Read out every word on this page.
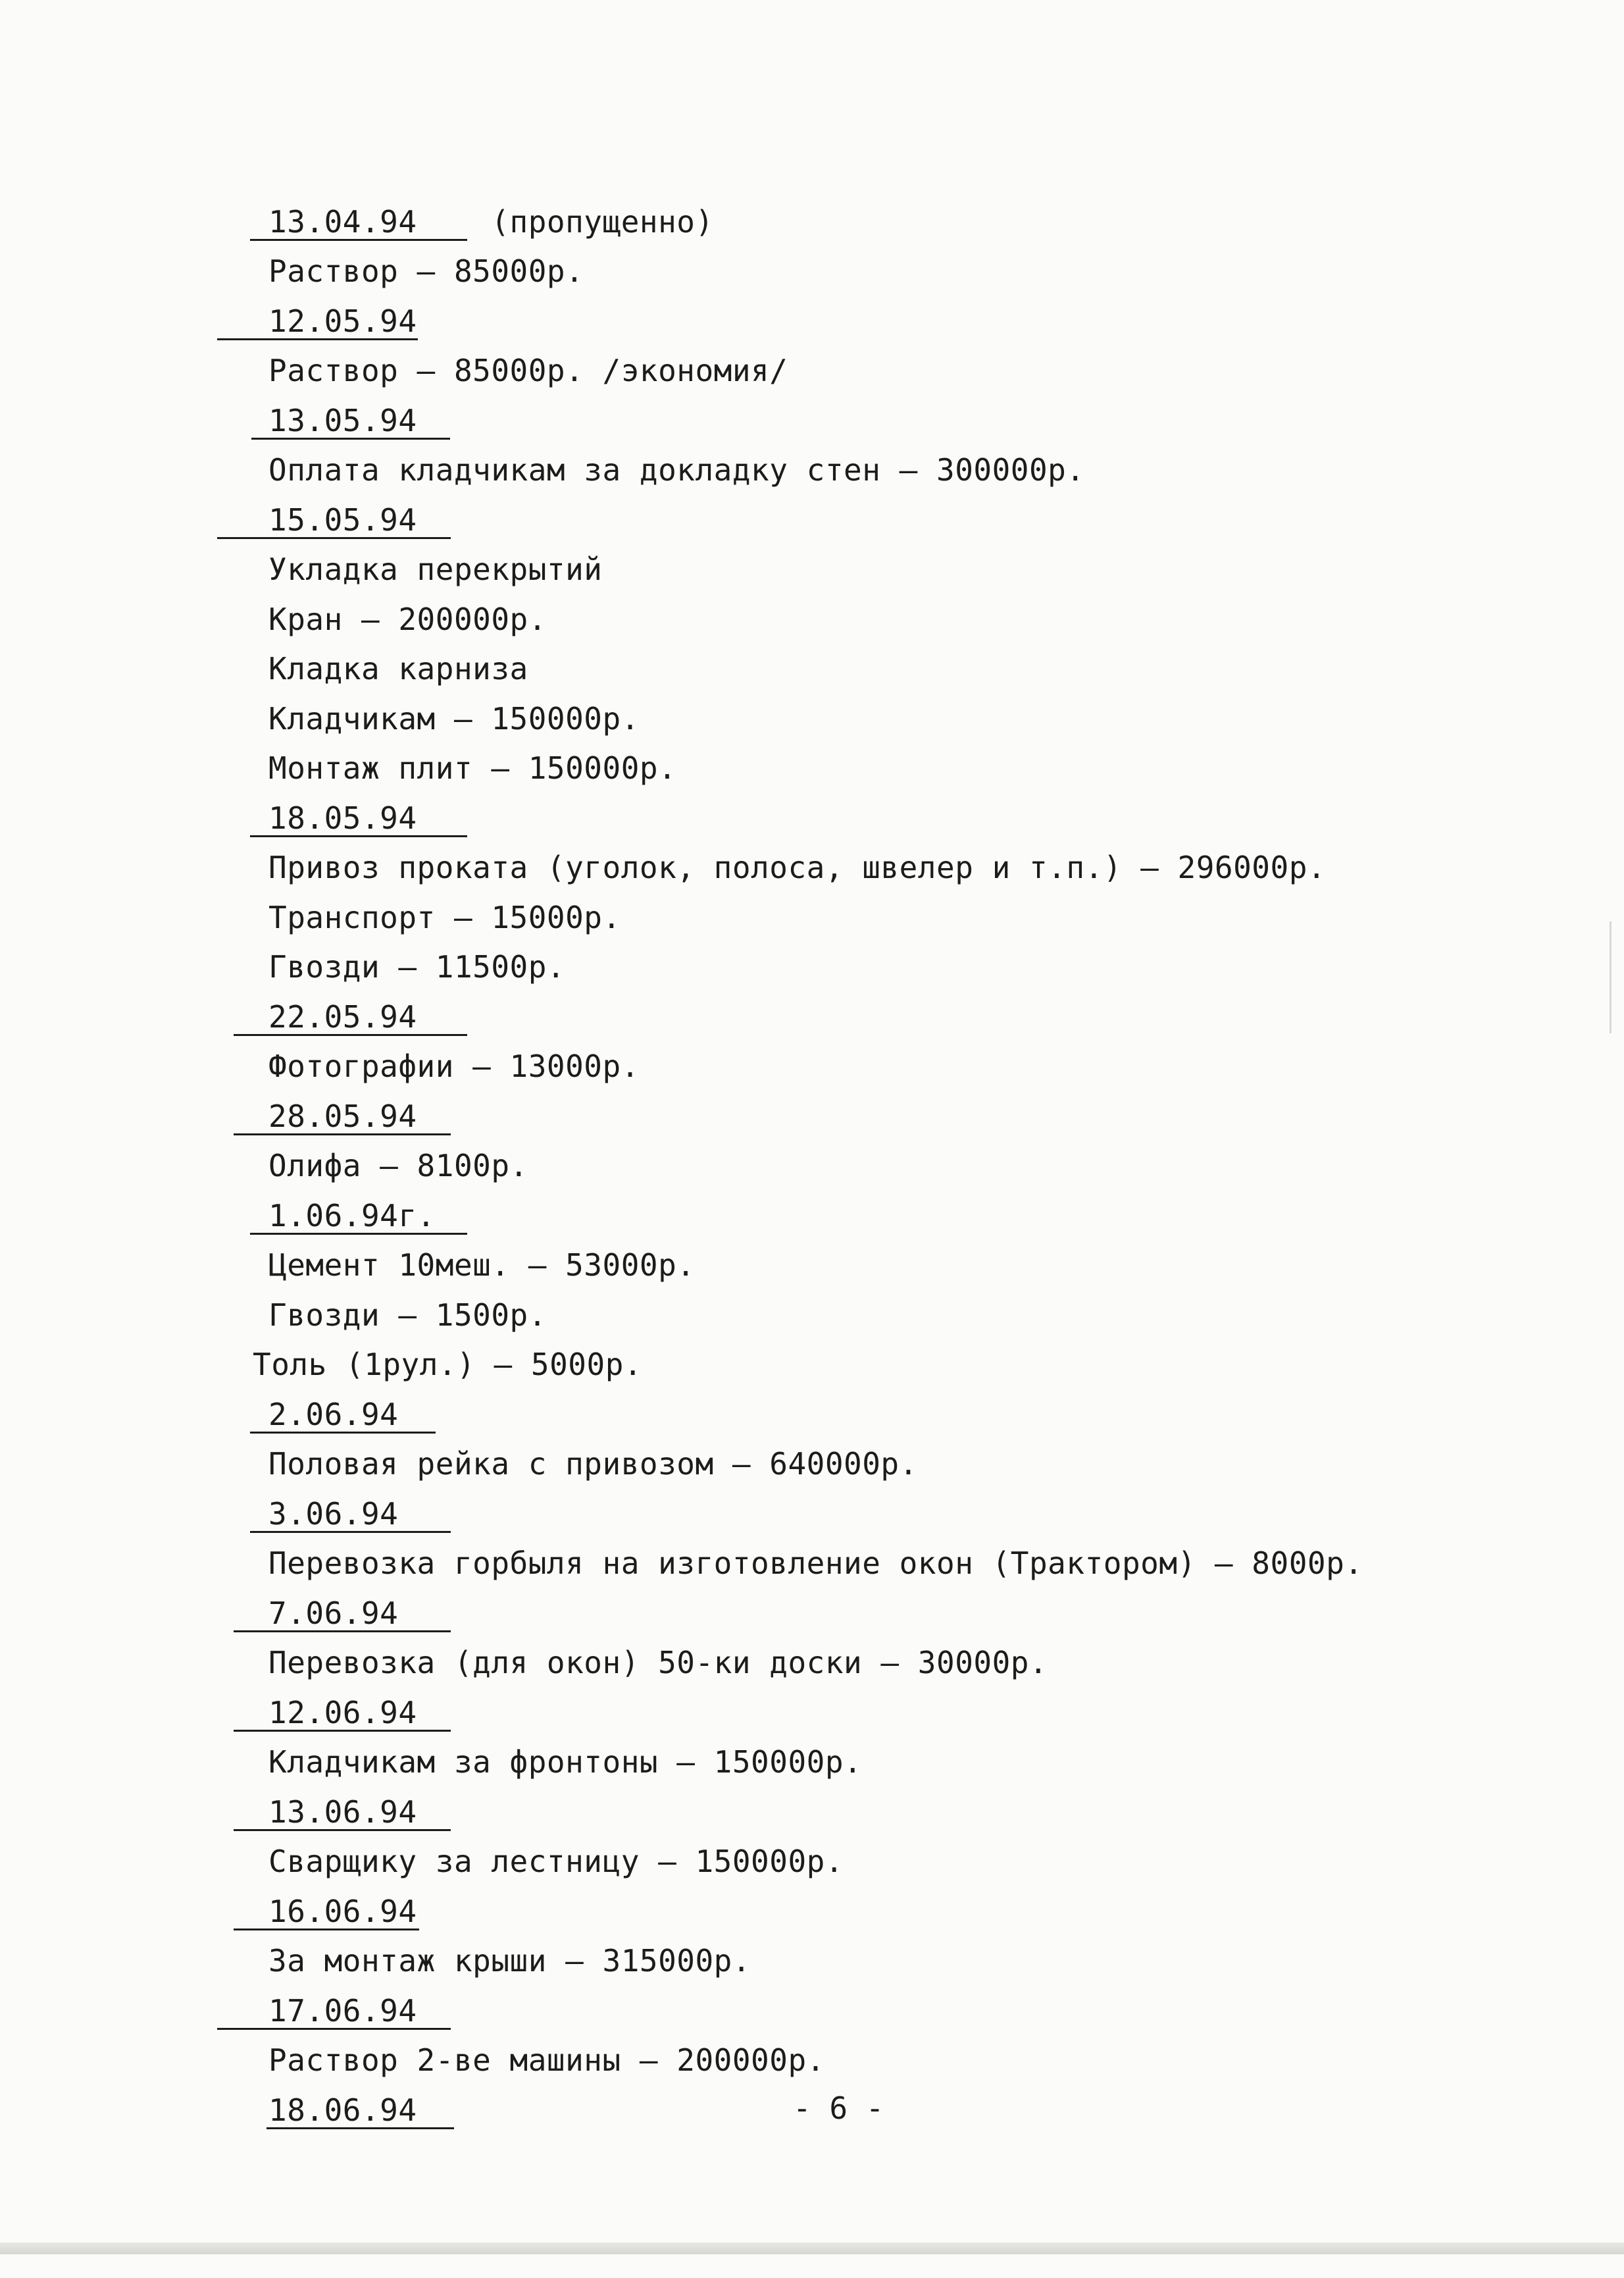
13.04.94    (пропущенно)

Раствор — 85000р.

12.05.94

Раствор — 85000р. /экономия/

13.05.94

Оплата кладчикам за докладку стен — 300000р.

15.05.94

Укладка перекрытий

Кран — 200000р.

Кладка карниза

Кладчикам — 150000р.

Монтаж плит — 150000р.

18.05.94

Привоз проката (уголок, полоса, швелер и т.п.) — 296000р.

Транспорт — 15000р.

Гвозди — 11500р.

22.05.94

Фотографии — 13000р.

28.05.94

Олифа — 8100р.

1.06.94г.

Цемент 10меш. — 53000р.

Гвозди — 1500р.

Толь (1рул.) — 5000р.

2.06.94

Половая рейка с привозом — 640000р.

3.06.94

Перевозка горбыля на изготовление окон (Трактором) — 8000р.

7.06.94

Перевозка (для окон) 50-ки доски — 30000р.

12.06.94

Кладчикам за фронтоны — 150000р.

13.06.94

Сварщику за лестницу — 150000р.

16.06.94

За монтаж крыши — 315000р.

17.06.94

Раствор 2-ве машины — 200000р.

18.06.94

	- 6 -
